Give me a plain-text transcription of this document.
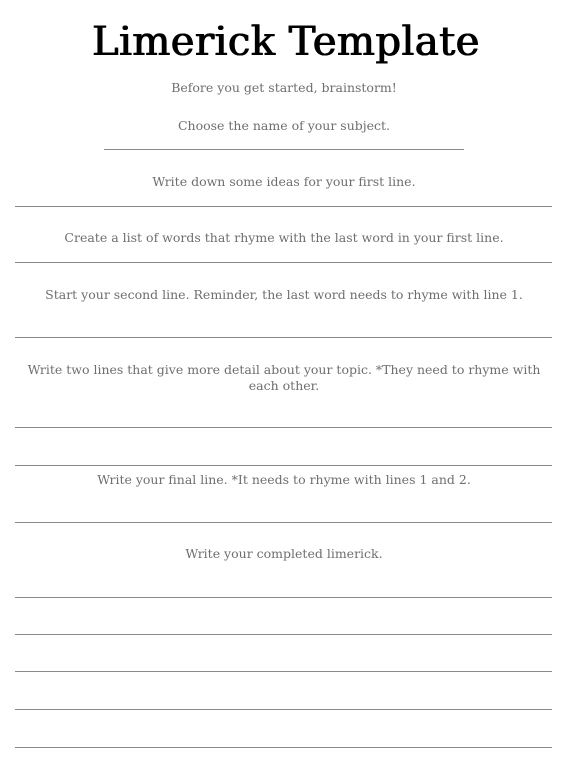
Limerick Template
Before you get started, brainstorm!
Choose the name of your subject.
Write down some ideas for your first line.
Create a list of words that rhyme with the last word in your first line.
Start your second line. Reminder, the last word needs to rhyme with line 1.
Write two lines that give more detail about your topic. *They need to rhyme with each other.
Write your final line. *It needs to rhyme with lines 1 and 2.
Write your completed limerick.
